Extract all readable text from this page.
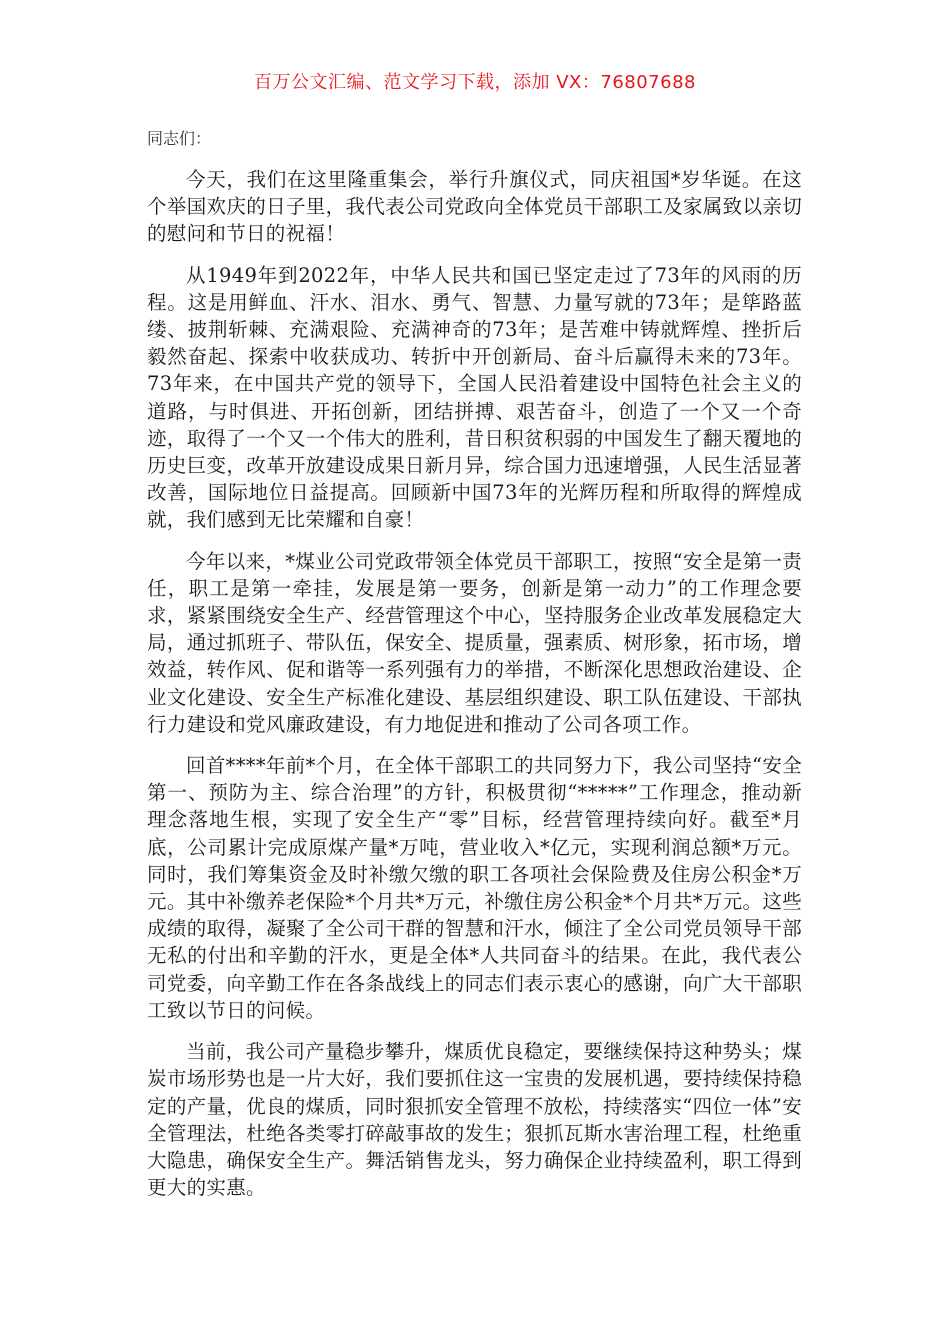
百万公文汇编、范文学习下载，添加 VX：76807688

同志们：

今天，我们在这里隆重集会，举行升旗仪式，同庆祖国*岁华诞。在这个举国欢庆的日子里，我代表公司党政向全体党员干部职工及家属致以亲切的慰问和节日的祝福！

从1949年到2022年，中华人民共和国已坚定走过了73年的风雨的历程。这是用鲜血、汗水、泪水、勇气、智慧、力量写就的73年；是筚路蓝缕、披荆斩棘、充满艰险、充满神奇的73年；是苦难中铸就辉煌、挫折后毅然奋起、探索中收获成功、转折中开创新局、奋斗后赢得未来的73年。73年来，在中国共产党的领导下，全国人民沿着建设中国特色社会主义的道路，与时俱进、开拓创新，团结拼搏、艰苦奋斗，创造了一个又一个奇迹，取得了一个又一个伟大的胜利，昔日积贫积弱的中国发生了翻天覆地的历史巨变，改革开放建设成果日新月异，综合国力迅速增强，人民生活显著改善，国际地位日益提高。回顾新中国73年的光辉历程和所取得的辉煌成就，我们感到无比荣耀和自豪！

今年以来，*煤业公司党政带领全体党员干部职工，按照“安全是第一责任，职工是第一牵挂，发展是第一要务，创新是第一动力”的工作理念要求，紧紧围绕安全生产、经营管理这个中心，坚持服务企业改革发展稳定大局，通过抓班子、带队伍，保安全、提质量，强素质、树形象，拓市场，增效益，转作风、促和谐等一系列强有力的举措，不断深化思想政治建设、企业文化建设、安全生产标准化建设、基层组织建设、职工队伍建设、干部执行力建设和党风廉政建设，有力地促进和推动了公司各项工作。

回首****年前*个月，在全体干部职工的共同努力下，我公司坚持“安全第一、预防为主、综合治理”的方针，积极贯彻“*****”工作理念，推动新理念落地生根，实现了安全生产“零”目标，经营管理持续向好。截至*月底，公司累计完成原煤产量*万吨，营业收入*亿元，实现利润总额*万元。同时，我们筹集资金及时补缴欠缴的职工各项社会保险费及住房公积金*万元。其中补缴养老保险*个月共*万元，补缴住房公积金*个月共*万元。这些成绩的取得，凝聚了全公司干群的智慧和汗水，倾注了全公司党员领导干部无私的付出和辛勤的汗水，更是全体*人共同奋斗的结果。在此，我代表公司党委，向辛勤工作在各条战线上的同志们表示衷心的感谢，向广大干部职工致以节日的问候。

当前，我公司产量稳步攀升，煤质优良稳定，要继续保持这种势头；煤炭市场形势也是一片大好，我们要抓住这一宝贵的发展机遇，要持续保持稳定的产量，优良的煤质，同时狠抓安全管理不放松，持续落实“四位一体”安全管理法，杜绝各类零打碎敲事故的发生；狠抓瓦斯水害治理工程，杜绝重大隐患，确保安全生产。舞活销售龙头，努力确保企业持续盈利，职工得到更大的实惠。
